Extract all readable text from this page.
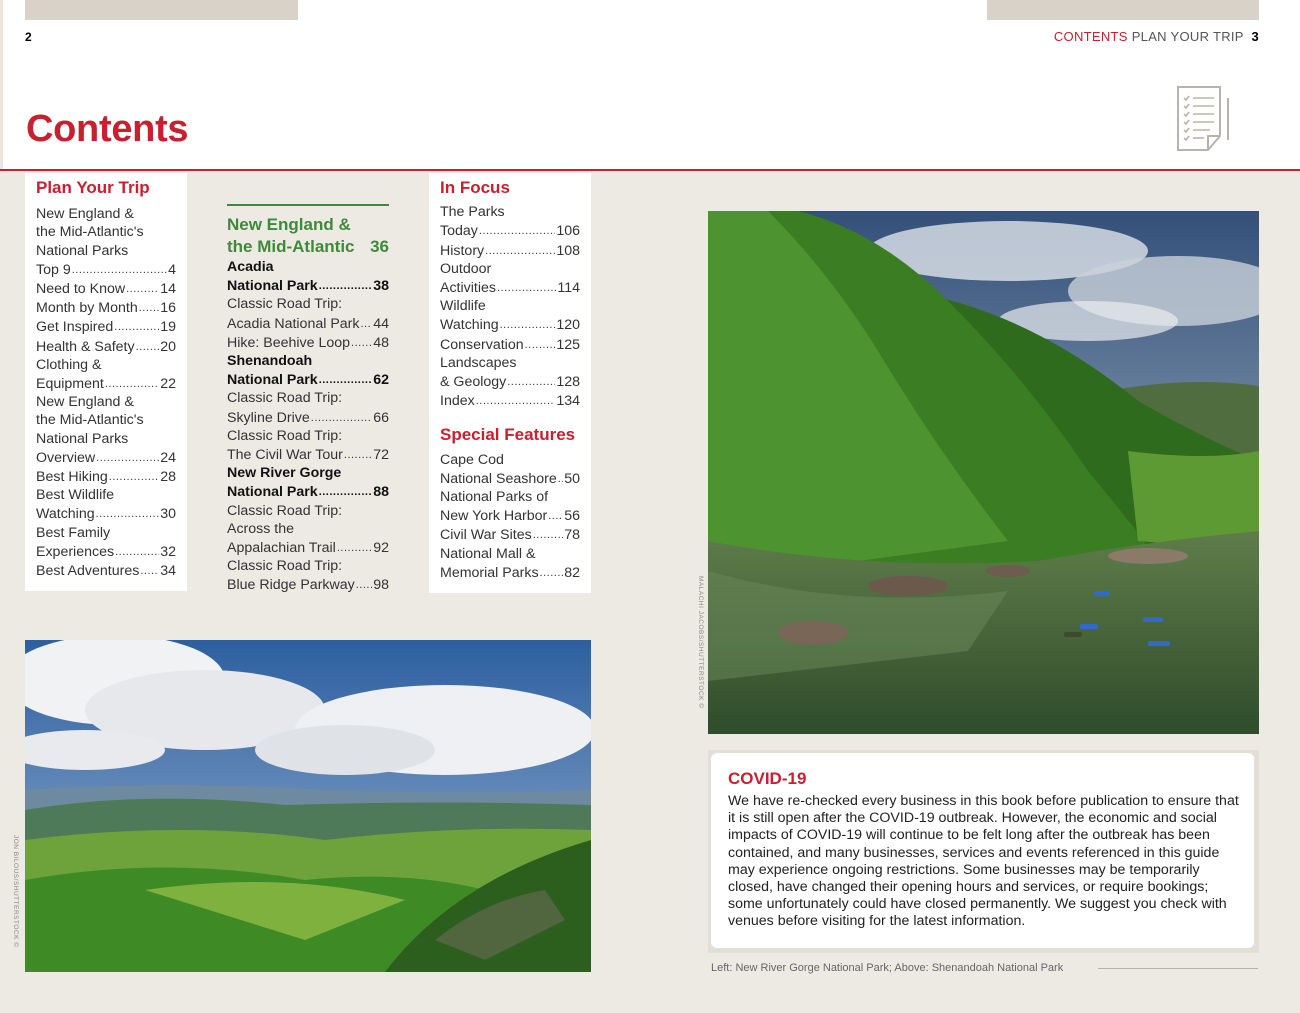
2	CONTENTS PLAN YOUR TRIP 3
Contents
Plan Your Trip
New England &
the Mid-Atlantic's
National Parks
Top 9 .....	4
Need to Know ..... 14
Month by Month ..... 16
Get Inspired .....	19
Health & Safety ..... 20
Clothing &
Equipment .....	22
New England &
the Mid-Atlantic's
National Parks
Overview .....	24
Best Hiking .....	28
Best Wildlife
Watching .....	30
Best Family
Experiences .....	32
Best Adventures ..... 34
New England &
the Mid-Atlantic 36
Acadia
National Park .....	38
Classic Road Trip:
Acadia National Park ..... 44
Hike: Beehive Loop ..... 48
Shenandoah
National Park .....	62
Classic Road Trip:
Skyline Drive .....	66
Classic Road Trip:
The Civil War Tour ..... 72
New River Gorge
National Park .....	88
Classic Road Trip:
Across the
Appalachian Trail .....	92
Classic Road Trip:
Blue Ridge Parkway ..... 98
In Focus
The Parks
Today .....	106
History .....	108
Outdoor
Activities .....	114
Wildlife
Watching .....	120
Conservation ..... 125
Landscapes
& Geology .....	128
Index .....	134
Special Features
Cape Cod
National Seashore ..... 50
National Parks of
New York Harbor ..... 56
Civil War Sites ..... 78
National Mall &
Memorial Parks ..... 82
MALACHI JACOBS/SHUTTERSTOCK ©
JON BILOUS/SHUTTERSTOCK ©
COVID-19

We have re-checked every business in this book before publication to ensure that it is still open after the COVID-19 outbreak. However, the economic and social impacts of COVID-19 will continue to be felt long after the outbreak has been contained, and many businesses, services and events referenced in this guide may experience ongoing restrictions. Some businesses may be temporarily closed, have changed their opening hours and services, or require bookings; some unfortunately could have closed permanently. We suggest you check with venues before visiting for the latest information.

Left: New River Gorge National Park; Above: Shenandoah National Park
